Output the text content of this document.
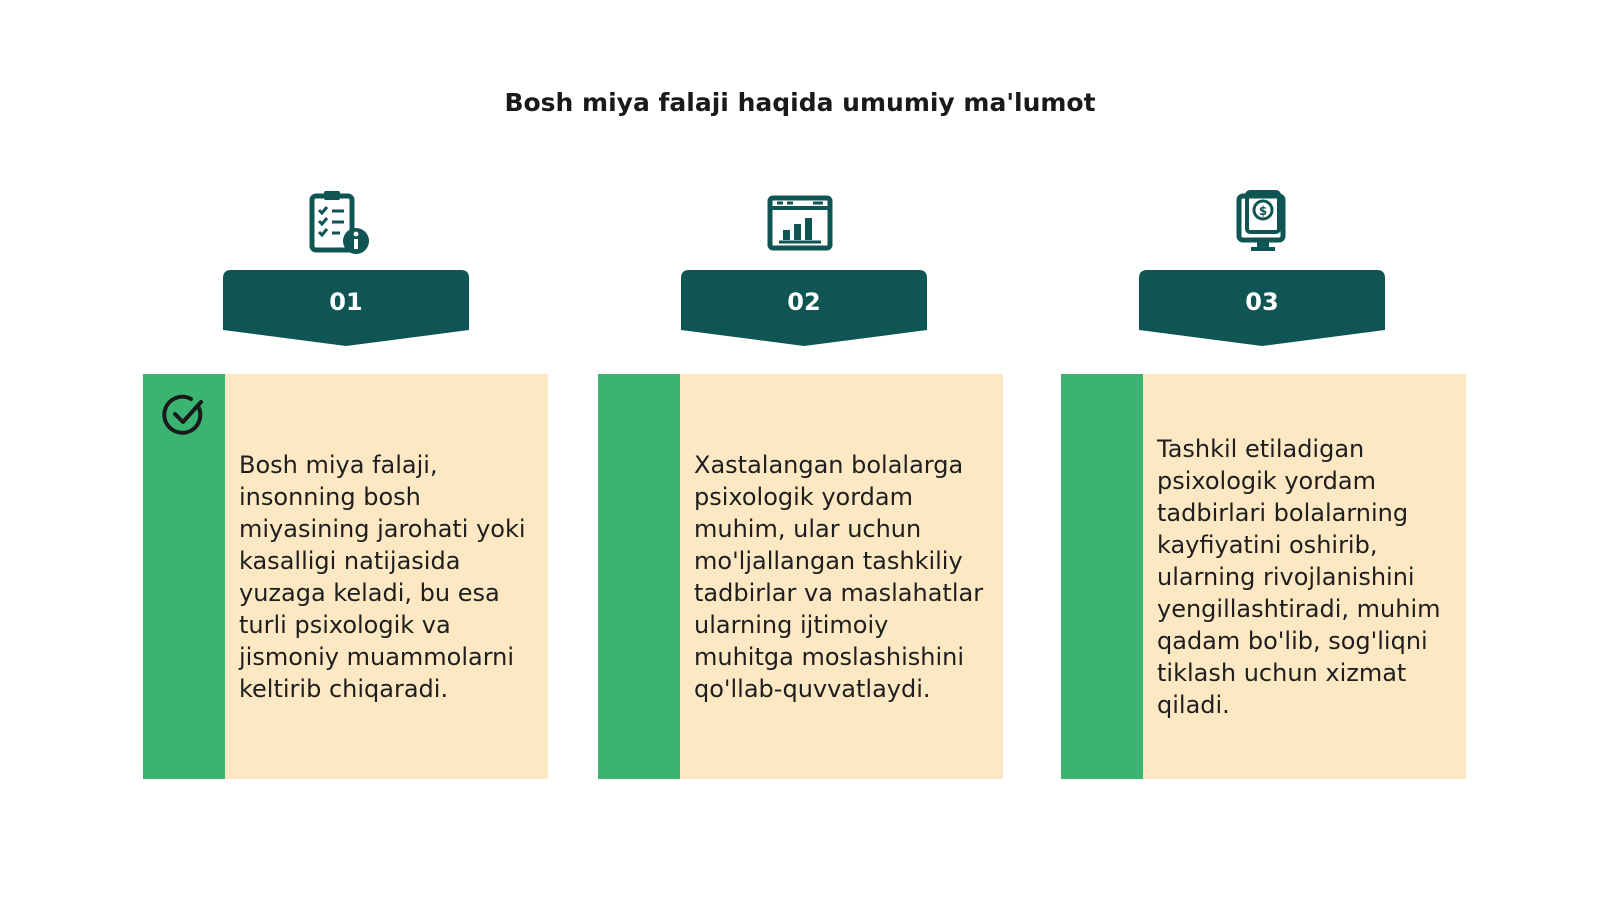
Bosh miya falaji haqida umumiy ma'lumot
01
Bosh miya falaji, insonning bosh miyasining jarohati yoki kasalligi natijasida yuzaga keladi, bu esa turli psixologik va jismoniy muammolarni keltirib chiqaradi.
02
Xastalangan bolalarga psixologik yordam muhim, ular uchun mo'ljallangan tashkiliy tadbirlar va maslahatlar ularning ijtimoiy muhitga moslashishini qo'llab-quvvatlaydi.
$
03
Tashkil etiladigan psixologik yordam tadbirlari bolalarning kayfiyatini oshirib, ularning rivojlanishini yengillashtiradi, muhim qadam bo'lib, sog'liqni tiklash uchun xizmat qiladi.
